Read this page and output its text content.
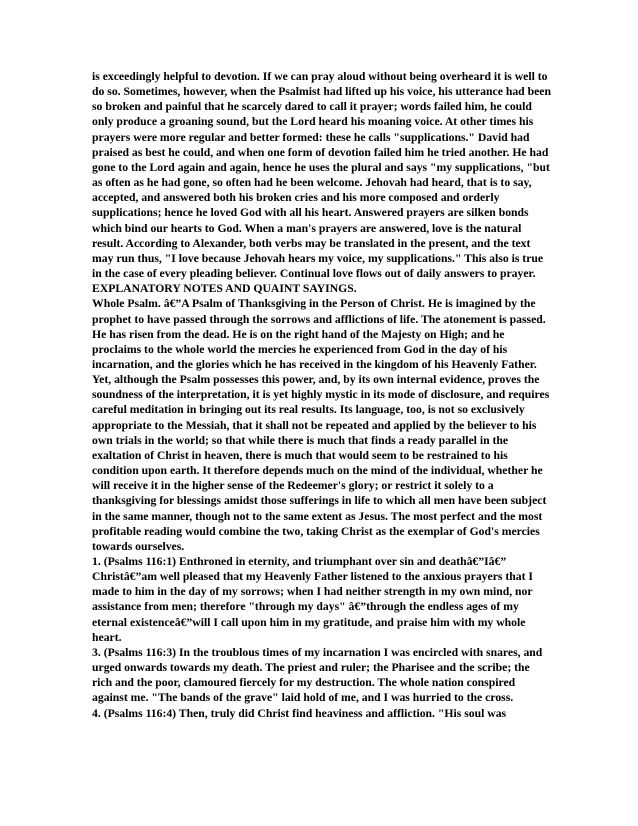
is exceedingly helpful to devotion. If we can pray aloud without being overheard it is well to do so. Sometimes, however, when the Psalmist had lifted up his voice, his utterance had been so broken and painful that he scarcely dared to call it prayer; words failed him, he could only produce a groaning sound, but the Lord heard his moaning voice. At other times his prayers were more regular and better formed: these he calls "supplications." David had praised as best he could, and when one form of devotion failed him he tried another. He had gone to the Lord again and again, hence he uses the plural and says "my supplications, "but as often as he had gone, so often had he been welcome. Jehovah had heard, that is to say, accepted, and answered both his broken cries and his more composed and orderly supplications; hence he loved God with all his heart. Answered prayers are silken bonds which bind our hearts to God. When a man's prayers are answered, love is the natural result. According to Alexander, both verbs may be translated in the present, and the text may run thus, "I love because Jehovah hears my voice, my supplications." This also is true in the case of every pleading believer. Continual love flows out of daily answers to prayer.

EXPLANATORY NOTES AND QUAINT SAYINGS.

Whole Psalm. â€”A Psalm of Thanksgiving in the Person of Christ. He is imagined by the prophet to have passed through the sorrows and afflictions of life. The atonement is passed. He has risen from the dead. He is on the right hand of the Majesty on High; and he proclaims to the whole world the mercies he experienced from God in the day of his incarnation, and the glories which he has received in the kingdom of his Heavenly Father. Yet, although the Psalm possesses this power, and, by its own internal evidence, proves the soundness of the interpretation, it is yet highly mystic in its mode of disclosure, and requires careful meditation in bringing out its real results. Its language, too, is not so exclusively appropriate to the Messiah, that it shall not be repeated and applied by the believer to his own trials in the world; so that while there is much that finds a ready parallel in the exaltation of Christ in heaven, there is much that would seem to be restrained to his condition upon earth. It therefore depends much on the mind of the individual, whether he will receive it in the higher sense of the Redeemer's glory; or restrict it solely to a thanksgiving for blessings amidst those sufferings in life to which all men have been subject in the same manner, though not to the same extent as Jesus. The most perfect and the most profitable reading would combine the two, taking Christ as the exemplar of God's mercies towards ourselves.

1. (Psalms 116:1) Enthroned in eternity, and triumphant over sin and deathâ€”Iâ€” Christâ€”am well pleased that my Heavenly Father listened to the anxious prayers that I made to him in the day of my sorrows; when I had neither strength in my own mind, nor assistance from men; therefore "through my days" â€”through the endless ages of my eternal existenceâ€”will I call upon him in my gratitude, and praise him with my whole heart.

3. (Psalms 116:3) In the troublous times of my incarnation I was encircled with snares, and urged onwards towards my death. The priest and ruler; the Pharisee and the scribe; the rich and the poor, clamoured fiercely for my destruction. The whole nation conspired against me. "The bands of the grave" laid hold of me, and I was hurried to the cross.

4. (Psalms 116:4) Then, truly did Christ find heaviness and affliction. "His soul was
